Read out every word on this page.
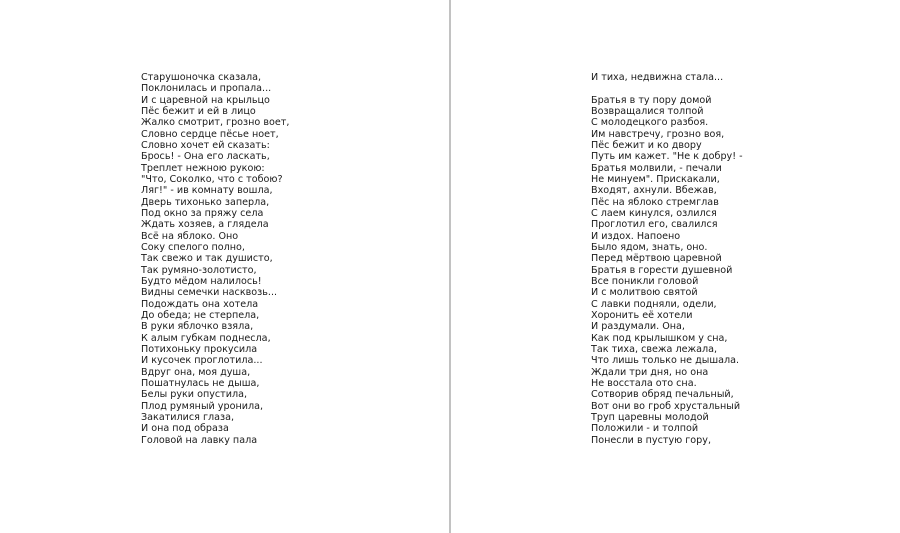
Старушоночка сказала,
Поклонилась и пропала...
И с царевной на крыльцо
Пёс бежит и ей в лицо
Жалко смотрит, грозно воет,
Словно сердце пёсье ноет,
Словно хочет ей сказать:
Брось! - Она его ласкать,
Треплет нежною рукою:
"Что, Соколко, что с тобою?
Ляг!" - ив комнату вошла,
Дверь тихонько заперла,
Под окно за пряжу села
Ждать хозяев, а глядела
Всё на яблоко. Оно
Соку спелого полно,
Так свежо и так душисто,
Так румяно-золотисто,
Будто мёдом налилось!
Видны семечки насквозь...
Подождать она хотела
До обеда; не стерпела,
В руки яблочко взяла,
К алым губкам поднесла,
Потихоньку прокусила
И кусочек проглотила...
Вдруг она, моя душа,
Пошатнулась не дыша,
Белы руки опустила,
Плод румяный уронила,
Закатилися глаза,
И она под образа
Головой на лавку пала
И тиха, недвижна стала...
Братья в ту пору домой
Возвращалися толпой
С молодецкого разбоя.
Им навстречу, грозно воя,
Пёс бежит и ко двору
Путь им кажет. "Не к добру! -
Братья молвили, - печали
Не минуем". Прискакали,
Входят, ахнули. Вбежав,
Пёс на яблоко стремглав
С лаем кинулся, озлился
Проглотил его, свалился
И издох. Напоено
Было ядом, знать, оно.
Перед мёртвою царевной
Братья в горести душевной
Все поникли головой
И с молитвою святой
С лавки подняли, одели,
Хоронить её хотели
И раздумали. Она,
Как под крылышком у сна,
Так тиха, свежа лежала,
Что лишь только не дышала.
Ждали три дня, но она
Не восстала ото сна.
Сотворив обряд печальный,
Вот они во гроб хрустальный
Труп царевны молодой
Положили - и толпой
Понесли в пустую гору,
